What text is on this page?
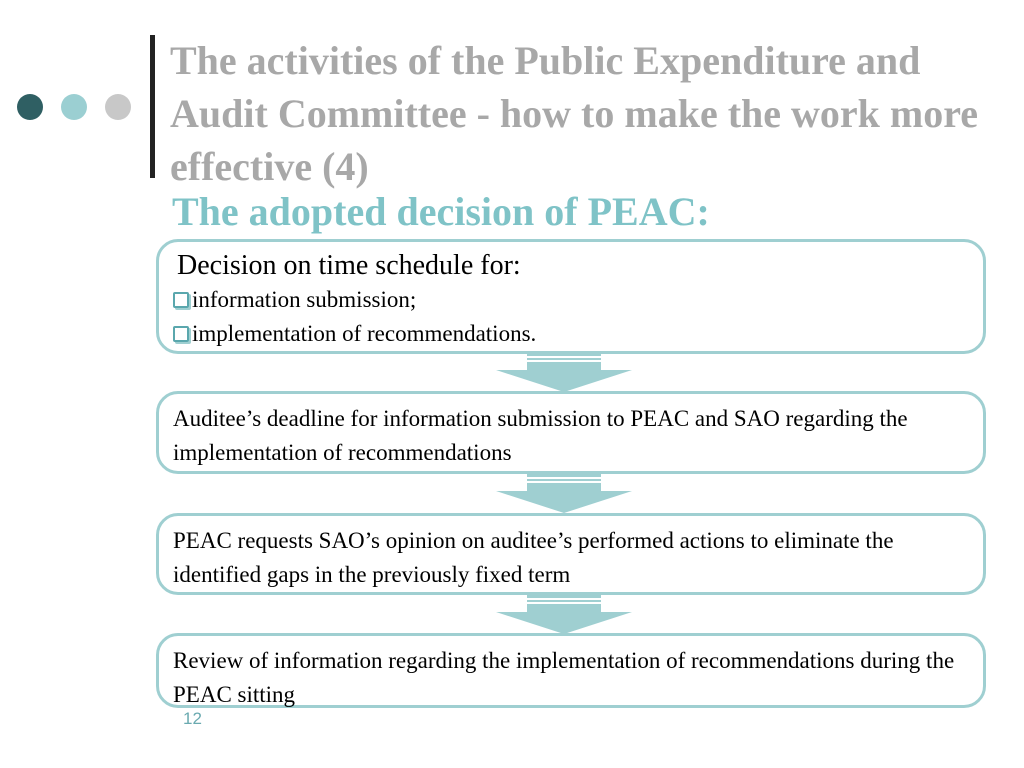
The activities of the Public Expenditure and Audit Committee - how to make the work more effective (4)
The adopted decision of PEAC:
Decision on time schedule for:
information submission;
implementation of recommendations.
Auditee’s deadline for information submission to PEAC and SAO regarding the implementation of recommendations
PEAC requests SAO’s opinion on auditee’s performed actions to eliminate the identified gaps in the previously fixed term
Review of information regarding the implementation of recommendations during the PEAC sitting
12
